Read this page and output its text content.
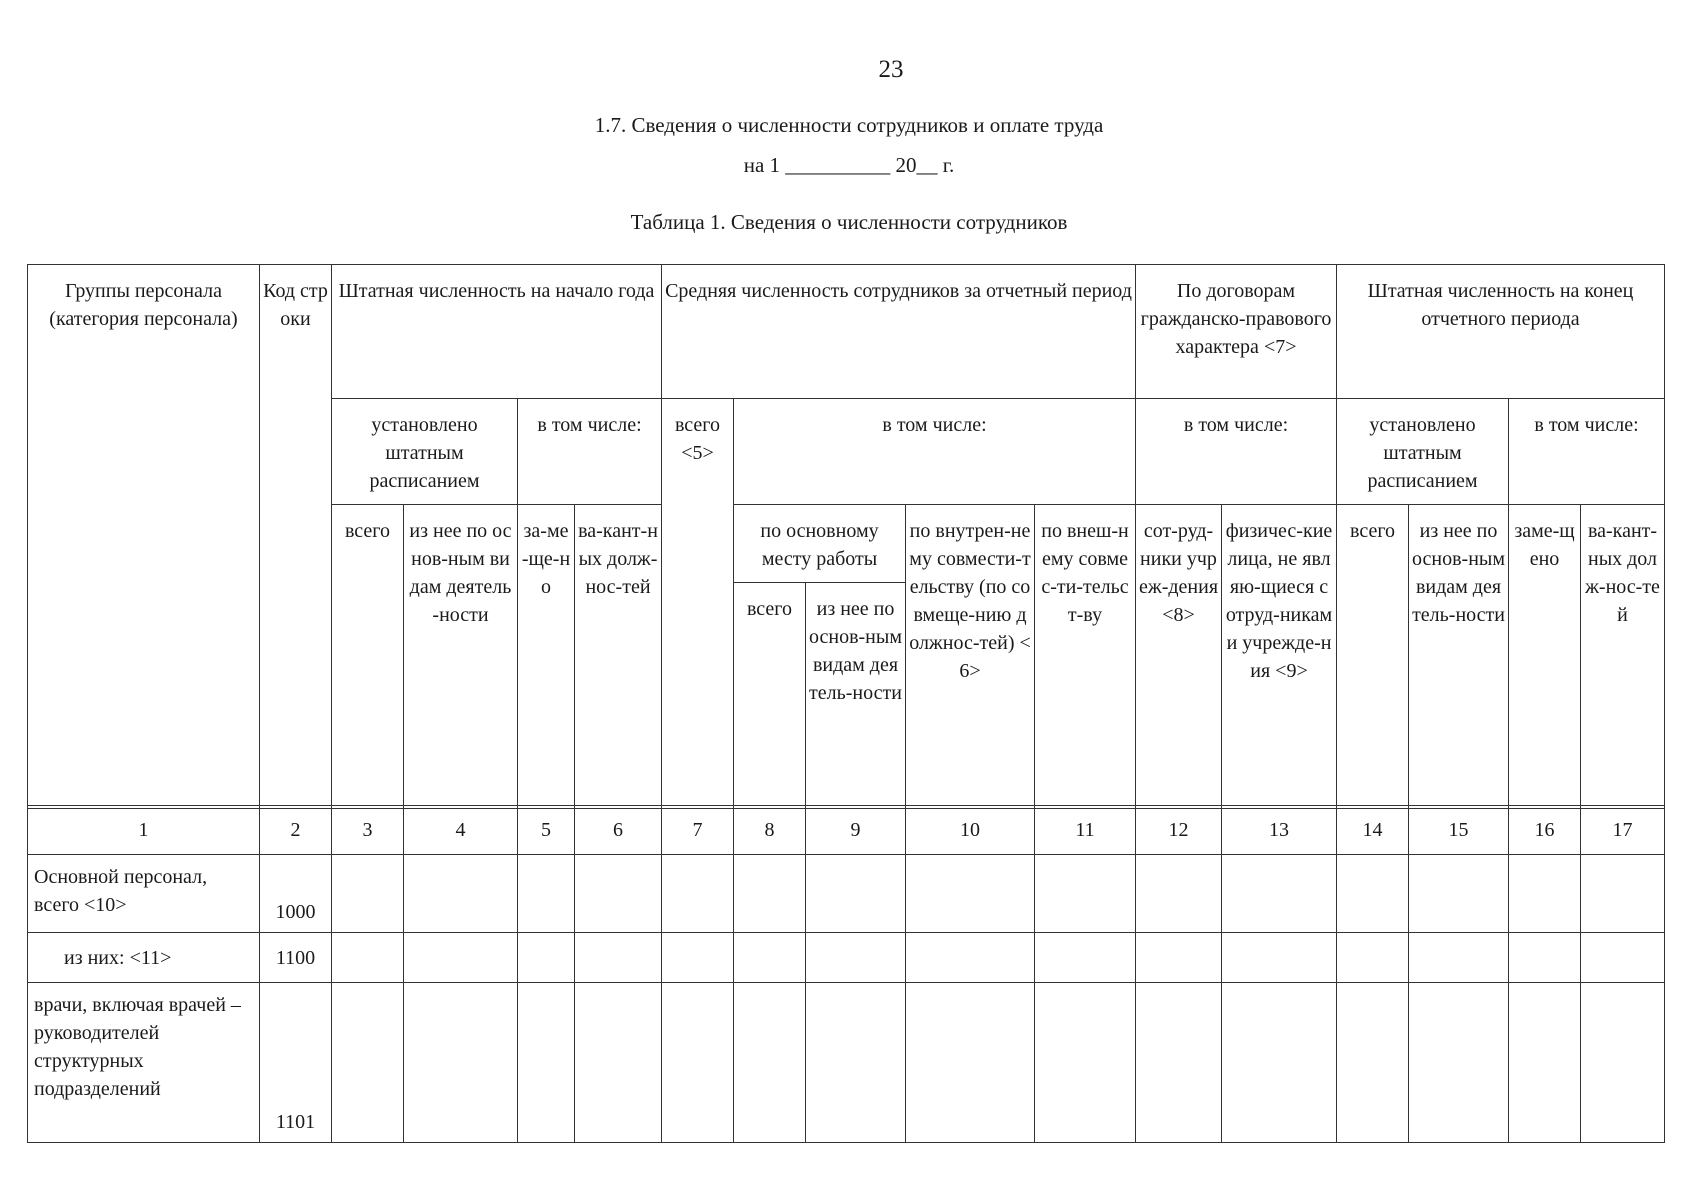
23
1.7. Сведения о численности сотрудников и оплате труда
на 1 __________ 20__ г.
Таблица 1. Сведения о численности сотрудников
Группы персонала (категория персонала)	Код строки	Штатная численность на начало года				Средняя численность сотрудников за отчетный период					По договорам гражданско-правового характера <7>		Штатная численность на конец отчетного периода			
		установлено штатным расписанием		в том числе:		всего <5>	в том числе:				в том числе:		установлено штатным расписанием		в том числе:	
		всего	из нее по основ-ным видам деятель-ности	за-ме-ще-но	ва-кант-ных долж-нос-тей		по основному месту работы		по внутрен-нему совмести-тельству (по совмеще-нию должнос-тей) <6>	по внеш-нему совмес-ти-тельст-ву	сот-руд-ники учреж-дения <8>	физичес-кие лица, не являю-щиеся сотруд-никами учрежде-ния <9>	всего	из нее по основ-ным видам деятель-ности	заме-щено	ва-кант-ных долж-нос-тей
							всего	из нее по основ-ным видам деятель-ности								
1	2	3	4	5	6	7	8	9	10	11	12	13	14	15	16	17
Основной персонал, всего <10>	1000															
из них: <11>	1100															
врачи, включая врачей – руководителей структурных подразделений	1101															
